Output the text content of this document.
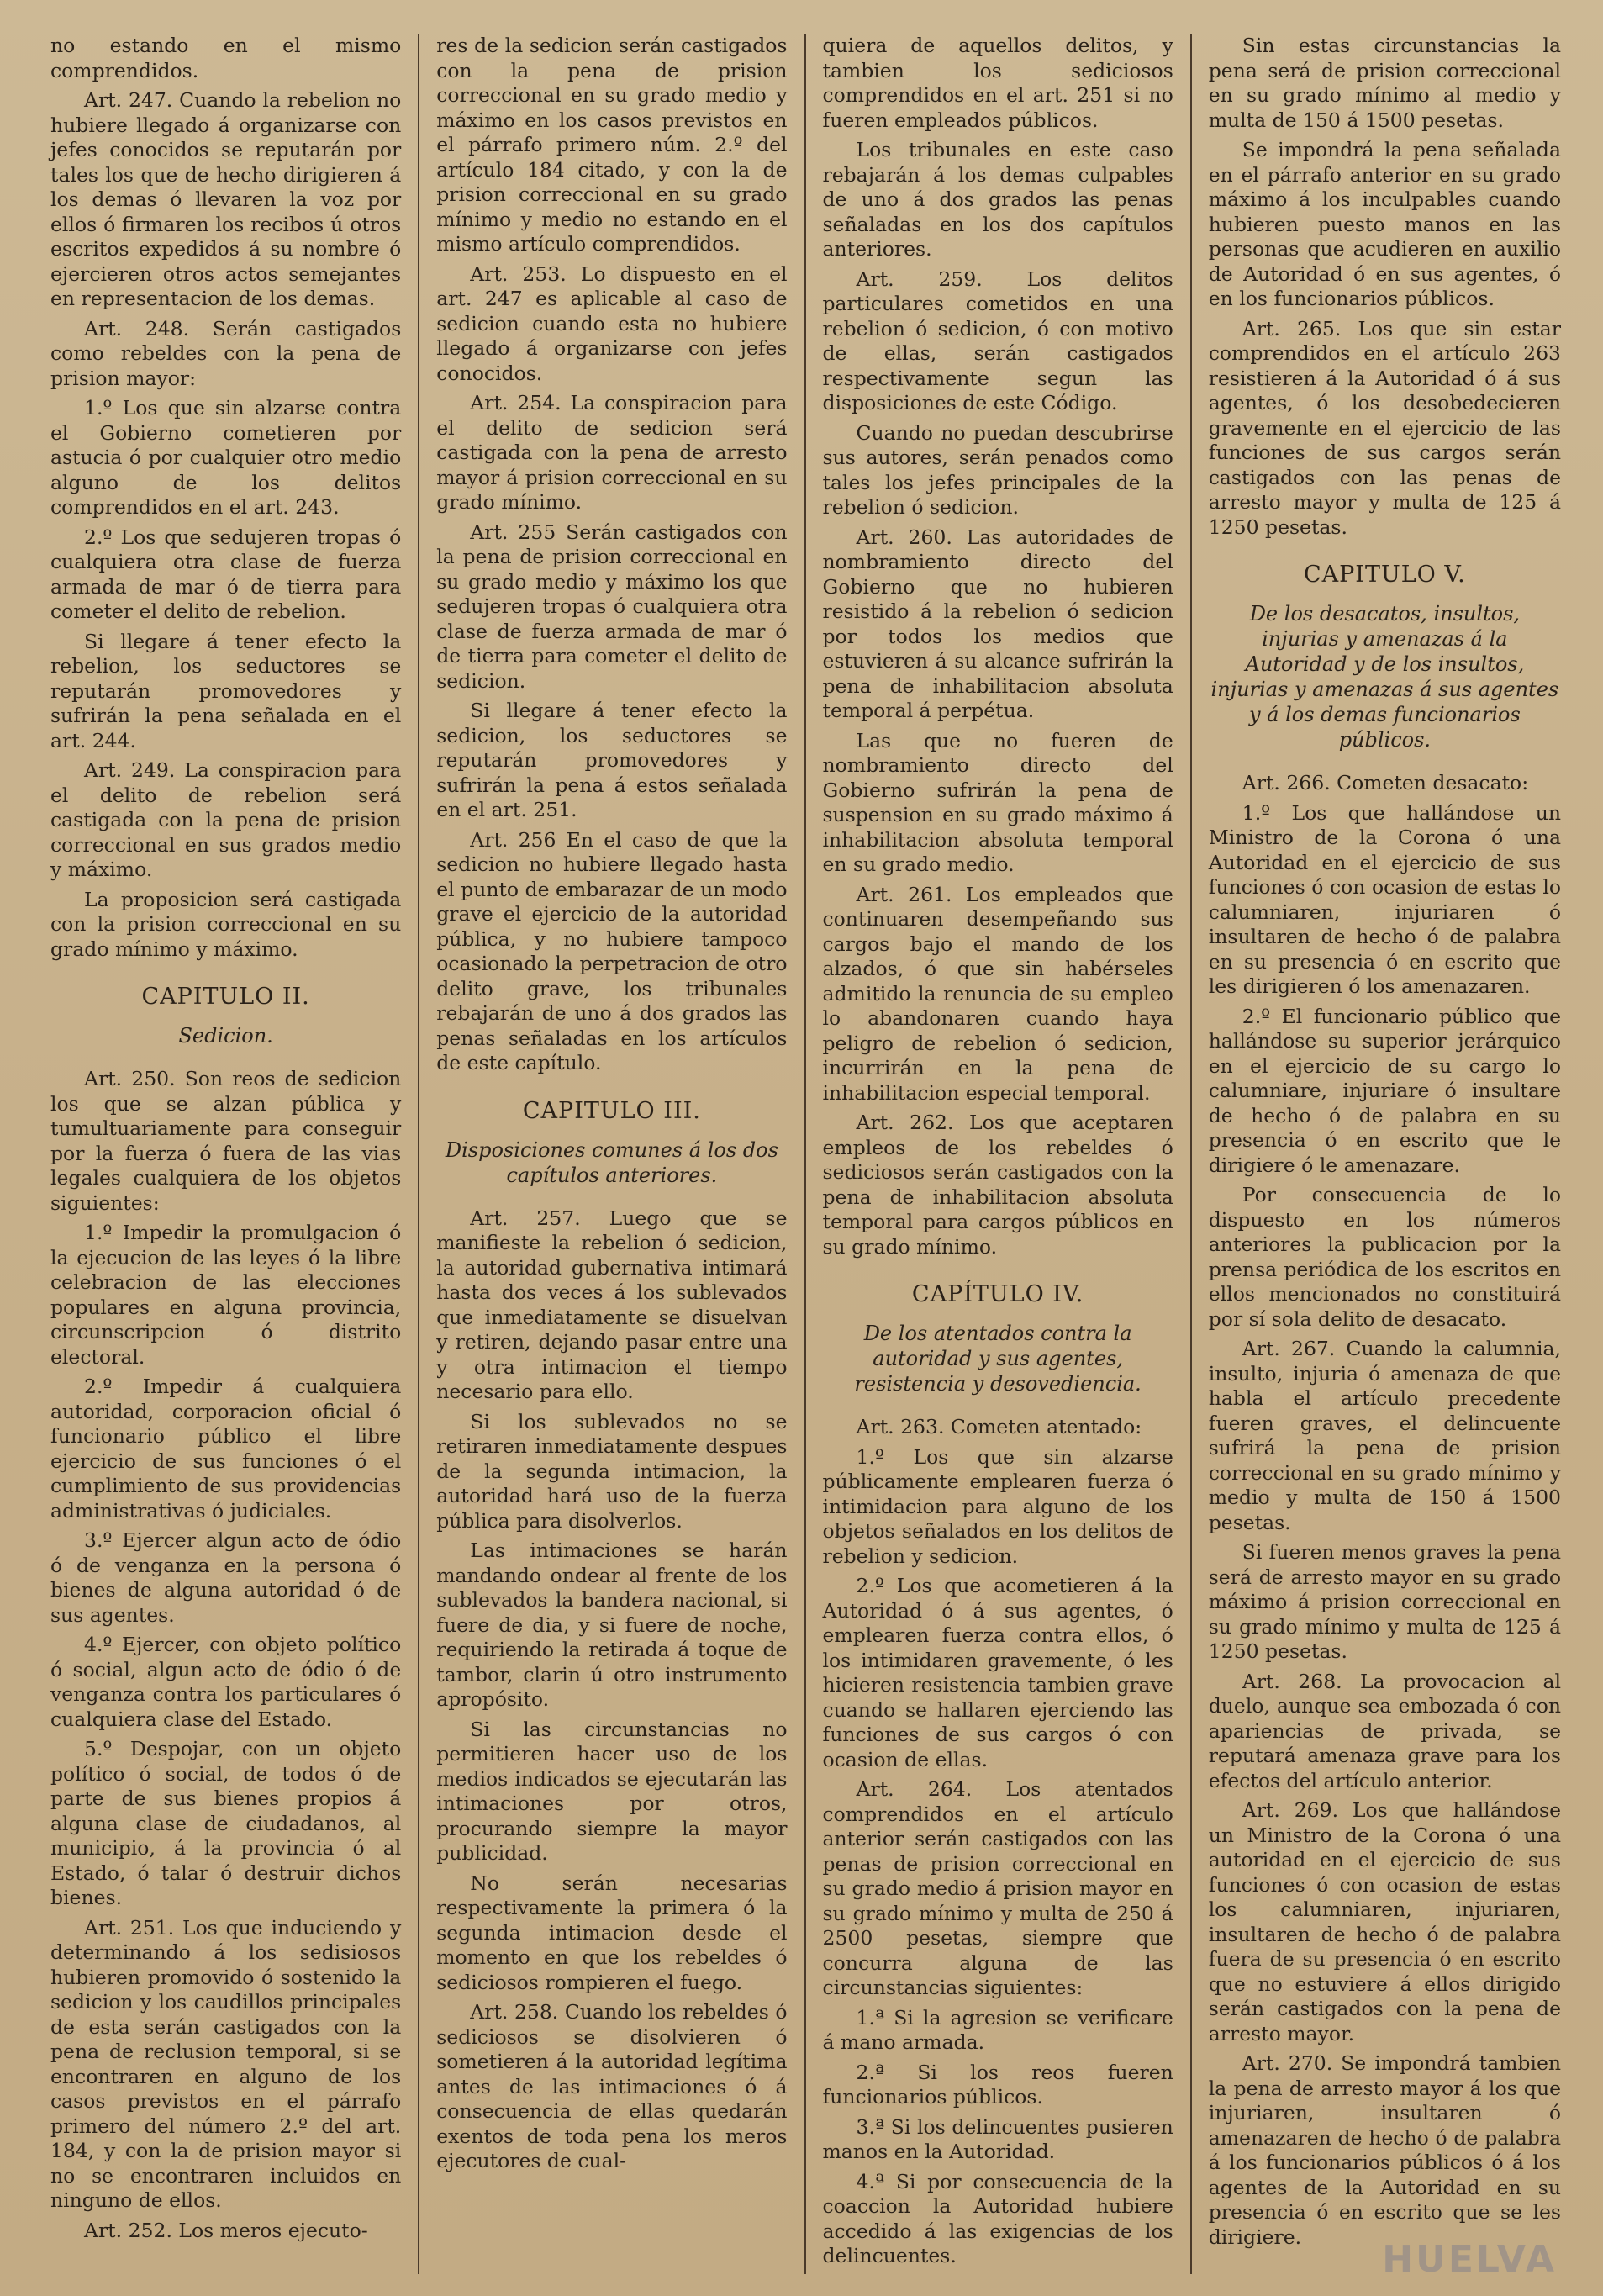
no estando en el mismo comprendidos.

Art. 247. Cuando la rebelion no hubiere llegado á organizarse con jefes conocidos se reputarán por tales los que de hecho dirigieren á los demas ó llevaren la voz por ellos ó firmaren los recibos ú otros escritos expedidos á su nombre ó ejercieren otros actos semejantes en representacion de los demas.

Art. 248. Serán castigados como rebeldes con la pena de prision mayor:

1.º Los que sin alzarse contra el Gobierno cometieren por astucia ó por cualquier otro medio alguno de los delitos comprendidos en el art. 243.

2.º Los que sedujeren tropas ó cualquiera otra clase de fuerza armada de mar ó de tierra para cometer el delito de rebelion.

Si llegare á tener efecto la rebelion, los seductores se reputarán promovedores y sufrirán la pena señalada en el art. 244.

Art. 249. La conspiracion para el delito de rebelion será castigada con la pena de prision correccional en sus grados medio y máximo.

La proposicion será castigada con la prision correccional en su grado mínimo y máximo.

CAPITULO II.
Sedicion.

Art. 250. Son reos de sedicion los que se alzan pública y tumultuariamente para conseguir por la fuerza ó fuera de las vias legales cualquiera de los objetos siguientes:

1.º Impedir la promulgacion ó la ejecucion de las leyes ó la libre celebracion de las elecciones populares en alguna provincia, circunscripcion ó distrito electoral.

2.º Impedir á cualquiera autoridad, corporacion oficial ó funcionario público el libre ejercicio de sus funciones ó el cumplimiento de sus providencias administrativas ó judiciales.

3.º Ejercer algun acto de ódio ó de venganza en la persona ó bienes de alguna autoridad ó de sus agentes.

4.º Ejercer, con objeto político ó social, algun acto de ódio ó de venganza contra los particulares ó cualquiera clase del Estado.

5.º Despojar, con un objeto político ó social, de todos ó de parte de sus bienes propios á alguna clase de ciudadanos, al municipio, á la provincia ó al Estado, ó talar ó destruir dichos bienes.

Art. 251. Los que induciendo y determinando á los sedisiosos hubieren promovido ó sostenido la sedicion y los caudillos principales de esta serán castigados con la pena de reclusion temporal, si se encontraren en alguno de los casos previstos en el párrafo primero del número 2.º del art. 184, y con la de prision mayor si no se encontraren incluidos en ninguno de ellos.

Art. 252. Los meros ejecuto-

res de la sedicion serán castigados con la pena de prision correccional en su grado medio y máximo en los casos previstos en el párrafo primero núm. 2.º del artículo 184 citado, y con la de prision correccional en su grado mínimo y medio no estando en el mismo artículo comprendidos.

Art. 253. Lo dispuesto en el art. 247 es aplicable al caso de sedicion cuando esta no hubiere llegado á organizarse con jefes conocidos.

Art. 254. La conspiracion para el delito de sedicion será castigada con la pena de arresto mayor á prision correccional en su grado mínimo.

Art. 255 Serán castigados con la pena de prision correccional en su grado medio y máximo los que sedujeren tropas ó cualquiera otra clase de fuerza armada de mar ó de tierra para cometer el delito de sedicion.

Si llegare á tener efecto la sedicion, los seductores se reputarán promovedores y sufrirán la pena á estos señalada en el art. 251.

Art. 256 En el caso de que la sedicion no hubiere llegado hasta el punto de embarazar de un modo grave el ejercicio de la autoridad pública, y no hubiere tampoco ocasionado la perpetracion de otro delito grave, los tribunales rebajarán de uno á dos grados las penas señaladas en los artículos de este capítulo.

CAPITULO III.
Disposiciones comunes á los dos capítulos anteriores.

Art. 257. Luego que se manifieste la rebelion ó sedicion, la autoridad gubernativa intimará hasta dos veces á los sublevados que inmediatamente se disuelvan y retiren, dejando pasar entre una y otra intimacion el tiempo necesario para ello.

Si los sublevados no se retiraren inmediatamente despues de la segunda intimacion, la autoridad hará uso de la fuerza pública para disolverlos.

Las intimaciones se harán mandando ondear al frente de los sublevados la bandera nacional, si fuere de dia, y si fuere de noche, requiriendo la retirada á toque de tambor, clarin ú otro instrumento apropósito.

Si las circunstancias no permitieren hacer uso de los medios indicados se ejecutarán las intimaciones por otros, procurando siempre la mayor publicidad.

No serán necesarias respectivamente la primera ó la segunda intimacion desde el momento en que los rebeldes ó sediciosos rompieren el fuego.

Art. 258. Cuando los rebeldes ó sediciosos se disolvieren ó sometieren á la autoridad legítima antes de las intimaciones ó á consecuencia de ellas quedarán exentos de toda pena los meros ejecutores de cual-

quiera de aquellos delitos, y tambien los sediciosos comprendidos en el art. 251 si no fueren empleados públicos.

Los tribunales en este caso rebajarán á los demas culpables de uno á dos grados las penas señaladas en los dos capítulos anteriores.

Art. 259. Los delitos particulares cometidos en una rebelion ó sedicion, ó con motivo de ellas, serán castigados respectivamente segun las disposiciones de este Código.

Cuando no puedan descubrirse sus autores, serán penados como tales los jefes principales de la rebelion ó sedicion.

Art. 260. Las autoridades de nombramiento directo del Gobierno que no hubieren resistido á la rebelion ó sedicion por todos los medios que estuvieren á su alcance sufrirán la pena de inhabilitacion absoluta temporal á perpétua.

Las que no fueren de nombramiento directo del Gobierno sufrirán la pena de suspension en su grado máximo á inhabilitacion absoluta temporal en su grado medio.

Art. 261. Los empleados que continuaren desempeñando sus cargos bajo el mando de los alzados, ó que sin habérseles admitido la renuncia de su empleo lo abandonaren cuando haya peligro de rebelion ó sedicion, incurrirán en la pena de inhabilitacion especial temporal.

Art. 262. Los que aceptaren empleos de los rebeldes ó sediciosos serán castigados con la pena de inhabilitacion absoluta temporal para cargos públicos en su grado mínimo.

CAPÍTULO IV.
De los atentados contra la autoridad y sus agentes, resistencia y desovediencia.

Art. 263. Cometen atentado:

1.º Los que sin alzarse públicamente emplearen fuerza ó intimidacion para alguno de los objetos señalados en los delitos de rebelion y sedicion.

2.º Los que acometieren á la Autoridad ó á sus agentes, ó emplearen fuerza contra ellos, ó los intimidaren gravemente, ó les hicieren resistencia tambien grave cuando se hallaren ejerciendo las funciones de sus cargos ó con ocasion de ellas.

Art. 264. Los atentados comprendidos en el artículo anterior serán castigados con las penas de prision correccional en su grado medio á prision mayor en su grado mínimo y multa de 250 á 2500 pesetas, siempre que concurra alguna de las circunstancias siguientes:

1.ª Si la agresion se verificare á mano armada.

2.ª Si los reos fueren funcionarios públicos.

3.ª Si los delincuentes pusieren manos en la Autoridad.

4.ª Si por consecuencia de la coaccion la Autoridad hubiere accedido á las exigencias de los delincuentes.

Sin estas circunstancias la pena será de prision correccional en su grado mínimo al medio y multa de 150 á 1500 pesetas.

Se impondrá la pena señalada en el párrafo anterior en su grado máximo á los inculpables cuando hubieren puesto manos en las personas que acudieren en auxilio de Autoridad ó en sus agentes, ó en los funcionarios públicos.

Art. 265. Los que sin estar comprendidos en el artículo 263 resistieren á la Autoridad ó á sus agentes, ó los desobedecieren gravemente en el ejercicio de las funciones de sus cargos serán castigados con las penas de arresto mayor y multa de 125 á 1250 pesetas.

CAPITULO V.
De los desacatos, insultos, injurias y amenazas á la Autoridad y de los insultos, injurias y amenazas á sus agentes y á los demas funcionarios públicos.

Art. 266. Cometen desacato:

1.º Los que hallándose un Ministro de la Corona ó una Autoridad en el ejercicio de sus funciones ó con ocasion de estas lo calumniaren, injuriaren ó insultaren de hecho ó de palabra en su presencia ó en escrito que les dirigieren ó los amenazaren.

2.º El funcionario público que hallándose su superior jerárquico en el ejercicio de su cargo lo calumniare, injuriare ó insultare de hecho ó de palabra en su presencia ó en escrito que le dirigiere ó le amenazare.

Por consecuencia de lo dispuesto en los números anteriores la publicacion por la prensa periódica de los escritos en ellos mencionados no constituirá por sí sola delito de desacato.

Art. 267. Cuando la calumnia, insulto, injuria ó amenaza de que habla el artículo precedente fueren graves, el delincuente sufrirá la pena de prision correccional en su grado mínimo y medio y multa de 150 á 1500 pesetas.

Si fueren menos graves la pena será de arresto mayor en su grado máximo á prision correccional en su grado mínimo y multa de 125 á 1250 pesetas.

Art. 268. La provocacion al duelo, aunque sea embozada ó con apariencias de privada, se reputará amenaza grave para los efectos del artículo anterior.

Art. 269. Los que hallándose un Ministro de la Corona ó una autoridad en el ejercicio de sus funciones ó con ocasion de estas los calumniaren, injuriaren, insultaren de hecho ó de palabra fuera de su presencia ó en escrito que no estuviere á ellos dirigido serán castigados con la pena de arresto mayor.

Art. 270. Se impondrá tambien la pena de arresto mayor á los que injuriaren, insultaren ó amenazaren de hecho ó de palabra á los funcionarios públicos ó á los agentes de la Autoridad en su presencia ó en escrito que se les dirigiere.

HUELVA
